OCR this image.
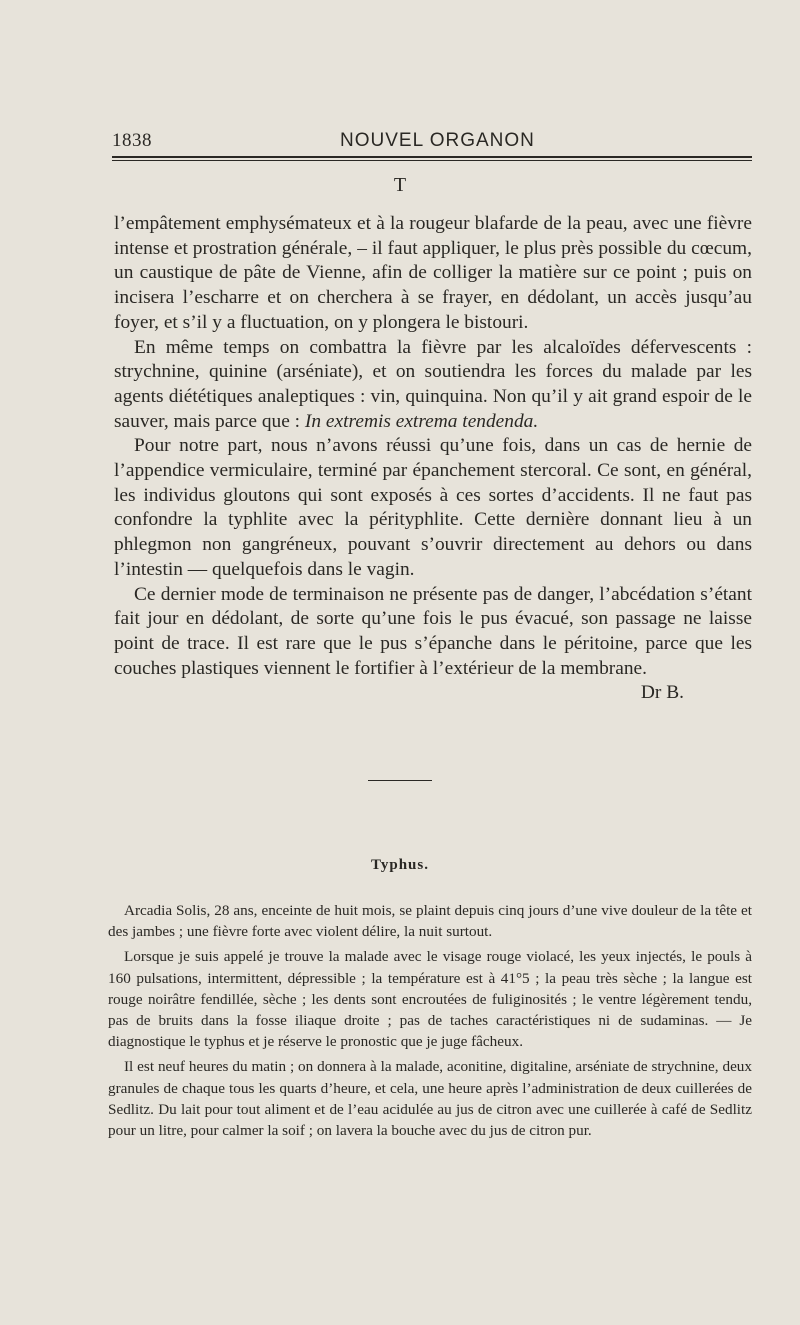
1838	NOUVEL ORGANON
T

l’empâtement emphysémateux et à la rougeur blafarde de la peau, avec une fièvre intense et prostration générale, – il faut appliquer, le plus près possible du cœcum, un caustique de pâte de Vienne, afin de colliger la matière sur ce point ; puis on incisera l’escharre et on cherchera à se frayer, en dédolant, un accès jusqu’au foyer, et s’il y a fluctuation, on y plongera le bistouri.

En même temps on combattra la fièvre par les alcaloïdes défervescents : strychnine, quinine (arséniate), et on soutiendra les forces du malade par les agents diététiques analeptiques : vin, quinquina. Non qu’il y ait grand espoir de le sauver, mais parce que : In extremis extrema tendenda.

Pour notre part, nous n’avons réussi qu’une fois, dans un cas de hernie de l’appendice vermiculaire, terminé par épanchement stercoral. Ce sont, en général, les individus gloutons qui sont exposés à ces sortes d’accidents. Il ne faut pas confondre la typhlite avec la pérityphlite. Cette dernière donnant lieu à un phlegmon non gangréneux, pouvant s’ouvrir directement au dehors ou dans l’intestin — quelquefois dans le vagin.

Ce dernier mode de terminaison ne présente pas de danger, l’abcédation s’étant fait jour en dédolant, de sorte qu’une fois le pus évacué, son passage ne laisse point de trace. Il est rare que le pus s’épanche dans le péritoine, parce que les couches plastiques viennent le fortifier à l’extérieur de la membrane.

Dr B.
Typhus.

Arcadia Solis, 28 ans, enceinte de huit mois, se plaint depuis cinq jours d’une vive douleur de la tête et des jambes ; une fièvre forte avec violent délire, la nuit surtout.

Lorsque je suis appelé je trouve la malade avec le visage rouge violacé, les yeux injectés, le pouls à 160 pulsations, intermittent, dépressible ; la température est à 41°5 ; la peau très sèche ; la langue est rouge noirâtre fendillée, sèche ; les dents sont encroutées de fuliginosités ; le ventre légèrement tendu, pas de bruits dans la fosse iliaque droite ; pas de taches caractéristiques ni de sudaminas. — Je diagnostique le typhus et je réserve le pronostic que je juge fâcheux.

Il est neuf heures du matin ; on donnera à la malade, aconitine, digitaline, arséniate de strychnine, deux granules de chaque tous les quarts d’heure, et cela, une heure après l’administration de deux cuillerées de Sedlitz. Du lait pour tout aliment et de l’eau acidulée au jus de citron avec une cuillerée à café de Sedlitz pour un litre, pour calmer la soif ; on lavera la bouche avec du jus de citron pur.
